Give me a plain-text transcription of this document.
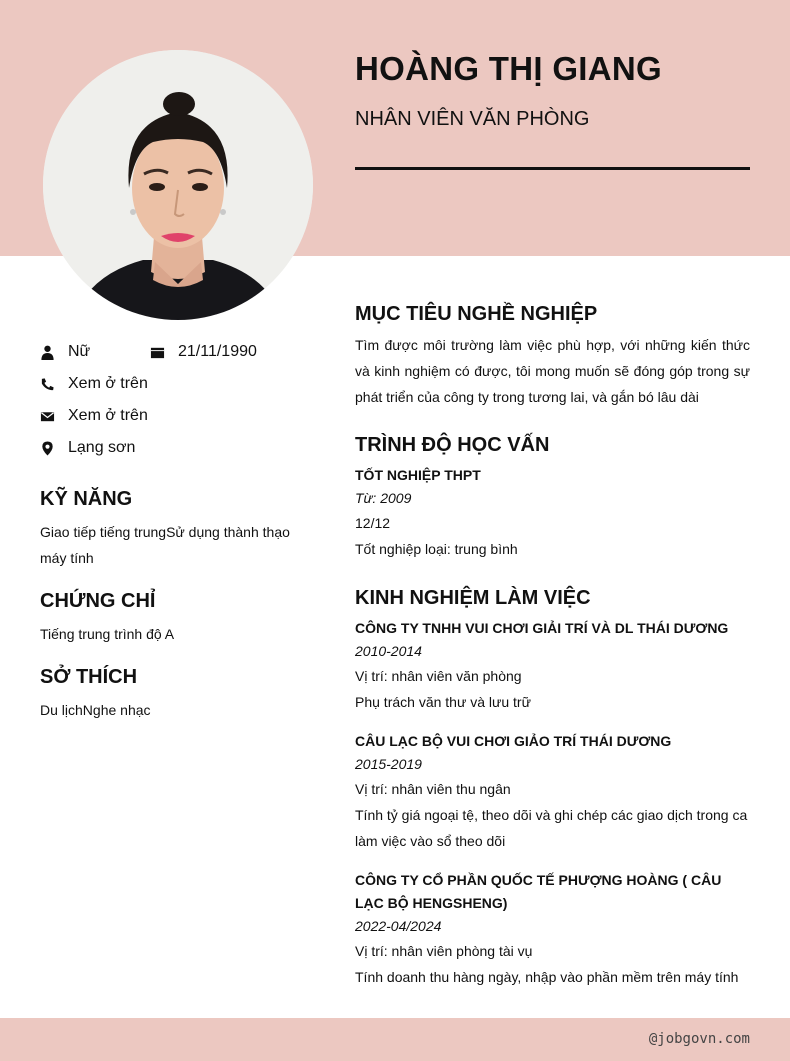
HOÀNG THỊ GIANG
NHÂN VIÊN VĂN PHÒNG
Nữ	21/11/1990
Xem ở trên
Xem ở trên
Lạng sơn
KỸ NĂNG
Giao tiếp tiếng trungSử dụng thành thạo máy tính
CHỨNG CHỈ
Tiếng trung trình độ A
SỞ THÍCH
Du lịchNghe nhạc
MỤC TIÊU NGHỀ NGHIỆP
Tìm được môi trường làm việc phù hợp, với những kiến thức và kinh nghiệm có được, tôi mong muốn sẽ đóng góp trong sự phát triển của công ty trong tương lai, và gắn bó lâu dài
TRÌNH ĐỘ HỌC VẤN
TỐT NGHIỆP THPT
Từ: 2009
12/12
Tốt nghiệp loại: trung bình
KINH NGHIỆM LÀM VIỆC
CÔNG TY TNHH VUI CHƠI GIẢI TRÍ VÀ DL THÁI DƯƠNG
2010-2014
Vị trí: nhân viên văn phòng
Phụ trách văn thư và lưu trữ
CÂU LẠC BỘ VUI CHƠI GIẢO TRÍ THÁI DƯƠNG
2015-2019
Vị trí: nhân viên thu ngân
Tính tỷ giá ngoại tệ, theo dõi và ghi chép các giao dịch trong ca làm việc vào sổ theo dõi
CÔNG TY CỔ PHẦN QUỐC TẾ PHƯỢNG HOÀNG ( CÂU LẠC BỘ HENGSHENG)
2022-04/2024
Vị trí: nhân viên phòng tài vụ
Tính doanh thu hàng ngày, nhập vào phần mềm trên máy tính
@jobgovn.com
